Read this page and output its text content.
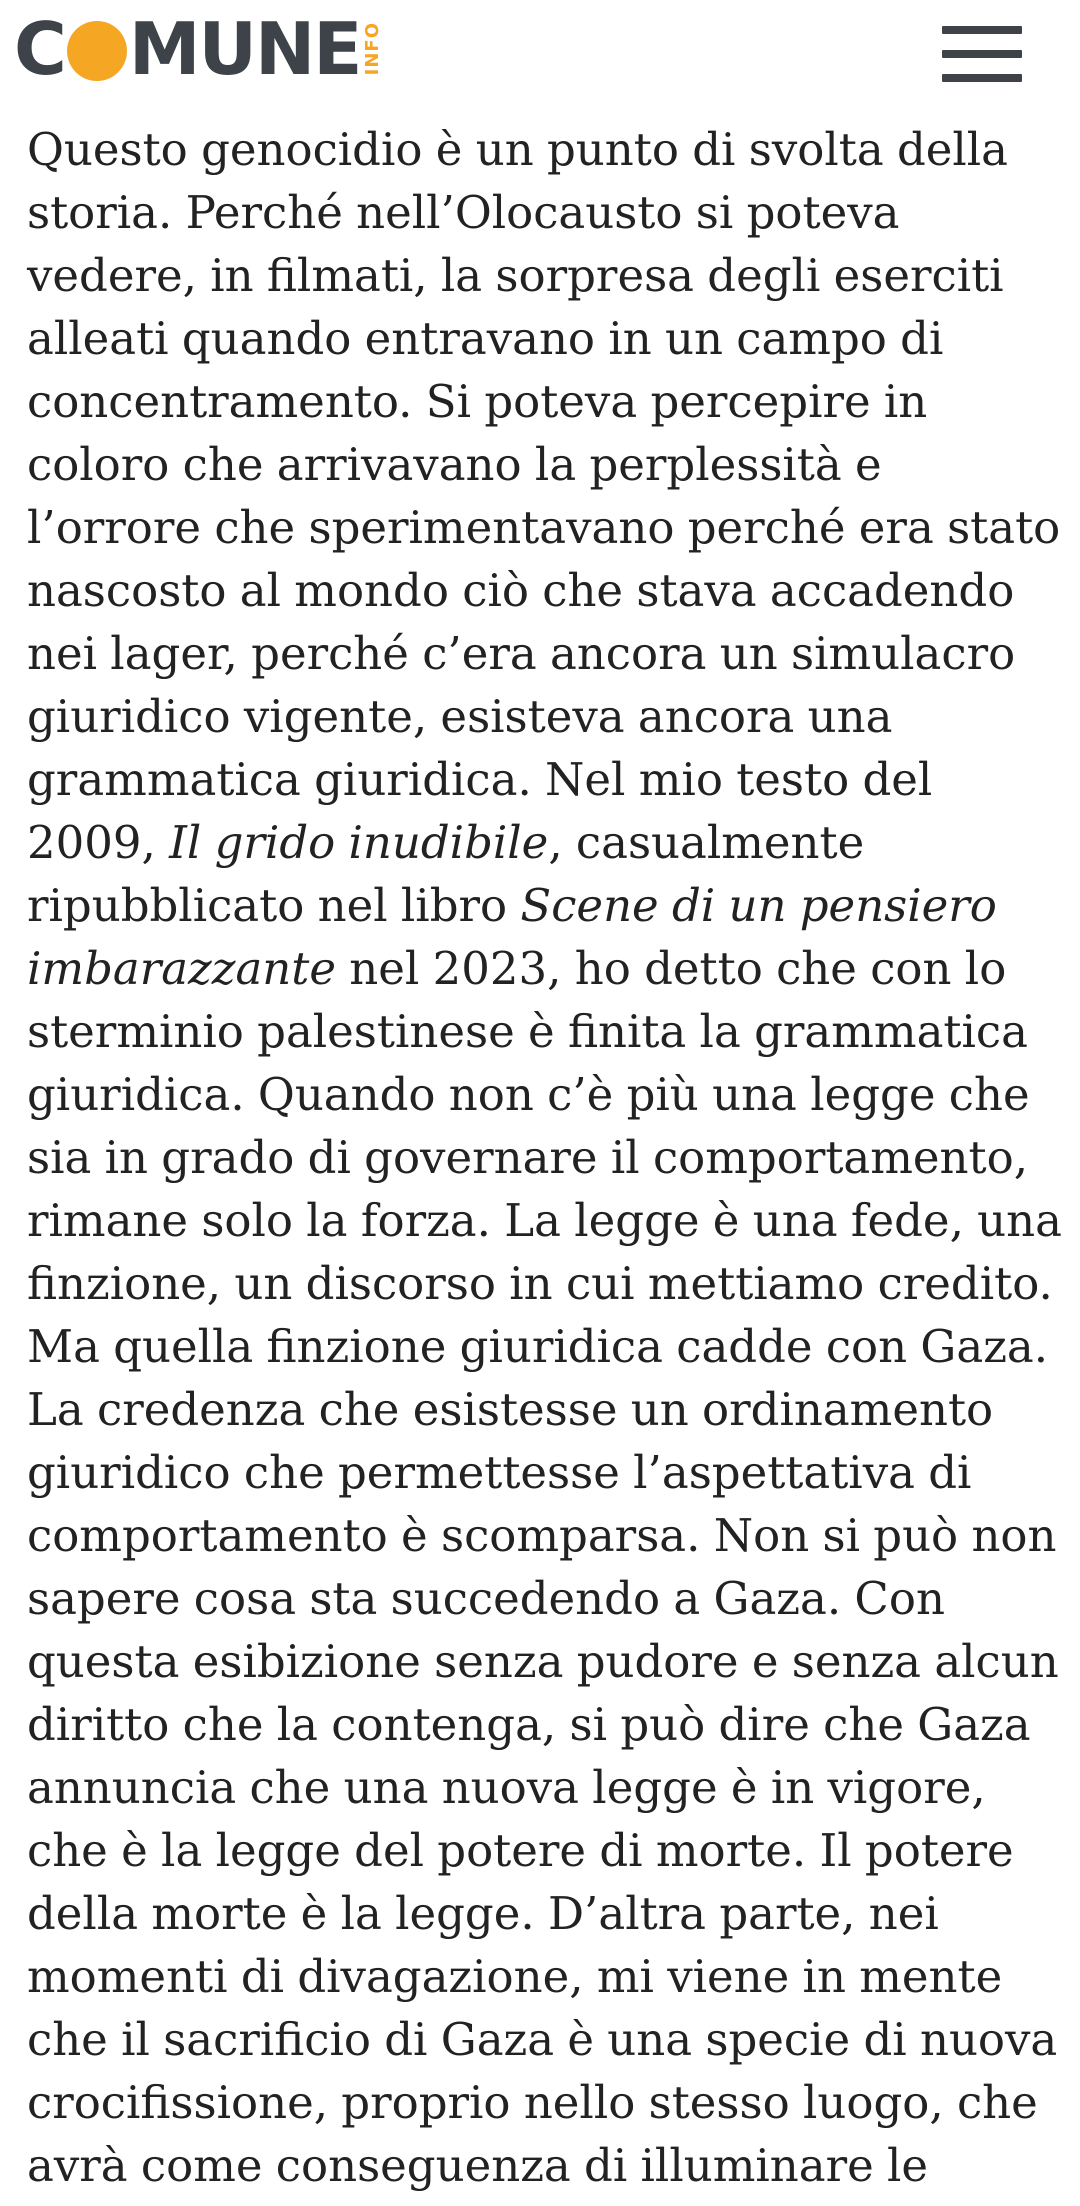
C MUNE INFO

Questo genocidio è un punto di svolta della storia. Perché nell’Olocausto si poteva vedere, in filmati, la sorpresa degli eserciti alleati quando entravano in un campo di concentramento. Si poteva percepire in coloro che arrivavano la perplessità e l’orrore che sperimentavano perché era stato nascosto al mondo ciò che stava accadendo nei lager, perché c’era ancora un simulacro giuridico vigente, esisteva ancora una grammatica giuridica. Nel mio testo del 2009, Il grido inudibile, casualmente ripubblicato nel libro Scene di un pensiero imbarazzante nel 2023, ho detto che con lo sterminio palestinese è finita la grammatica giuridica. Quando non c’è più una legge che sia in grado di governare il comportamento, rimane solo la forza. La legge è una fede, una finzione, un discorso in cui mettiamo credito. Ma quella finzione giuridica cadde con Gaza. La credenza che esistesse un ordinamento giuridico che permettesse l’aspettativa di comportamento è scomparsa. Non si può non sapere cosa sta succedendo a Gaza. Con questa esibizione senza pudore e senza alcun diritto che la contenga, si può dire che Gaza annuncia che una nuova legge è in vigore, che è la legge del potere di morte. Il potere della morte è la legge. D’altra parte, nei momenti di divagazione, mi viene in mente che il sacrificio di Gaza è una specie di nuova crocifissione, proprio nello stesso luogo, che avrà come conseguenza di illuminare le
